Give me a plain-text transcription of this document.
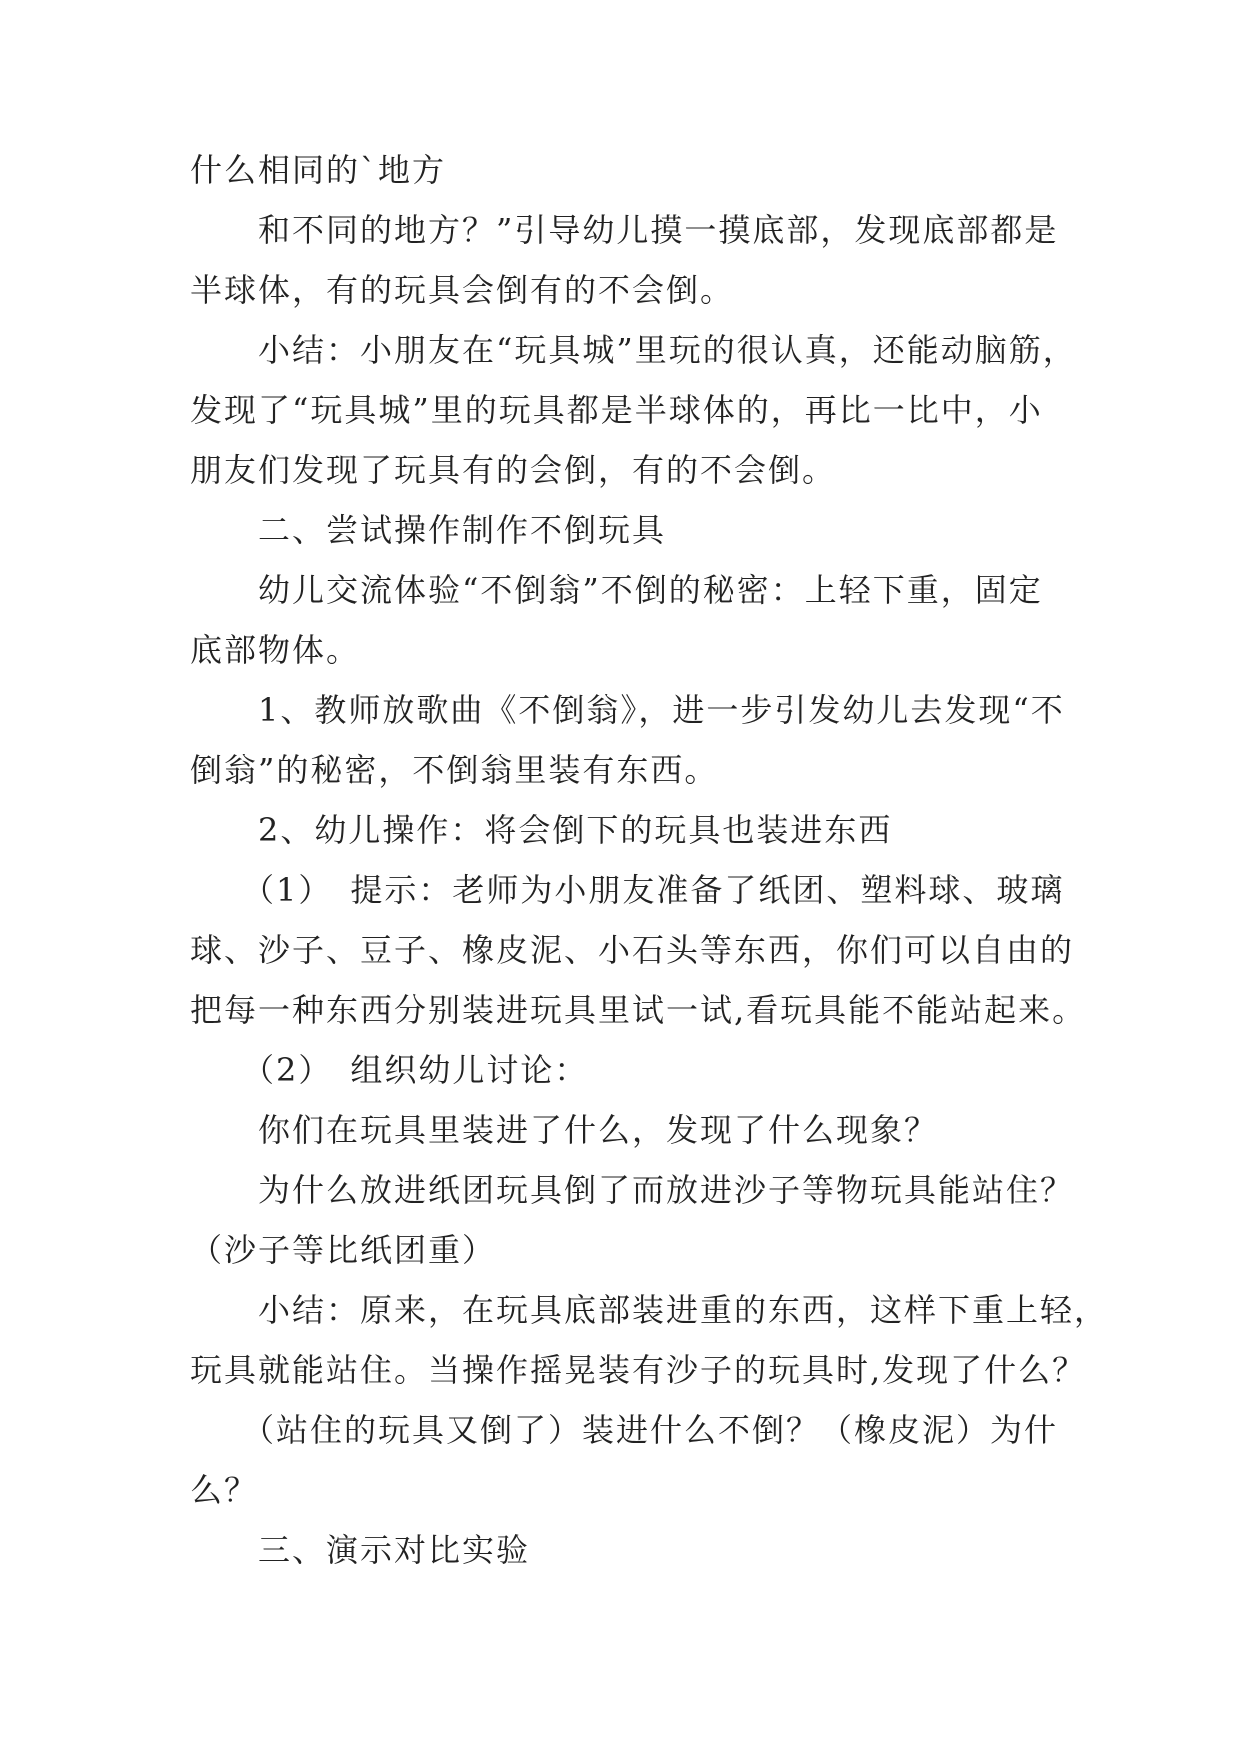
什么相同的`地方
　　和不同的地方？”引导幼儿摸一摸底部，发现底部都是
半球体，有的玩具会倒有的不会倒。
　　小结：小朋友在“玩具城”里玩的很认真，还能动脑筋，
发现了“玩具城”里的玩具都是半球体的，再比一比中，小
朋友们发现了玩具有的会倒，有的不会倒。
　　二、尝试操作制作不倒玩具
　　幼儿交流体验“不倒翁”不倒的秘密：上轻下重，固定
底部物体。
　　1、教师放歌曲《不倒翁》，进一步引发幼儿去发现“不
倒翁”的秘密，不倒翁里装有东西。
　　2、幼儿操作：将会倒下的玩具也装进东西
　　（1）　提示：老师为小朋友准备了纸团、塑料球、玻璃
球、沙子、豆子、橡皮泥、小石头等东西，你们可以自由的
把每一种东西分别装进玩具里试一试,看玩具能不能站起来。
　　（2）　组织幼儿讨论：
　　你们在玩具里装进了什么，发现了什么现象？
　　为什么放进纸团玩具倒了而放进沙子等物玩具能站住？
（沙子等比纸团重）
　　小结：原来，在玩具底部装进重的东西，这样下重上轻，
玩具就能站住。当操作摇晃装有沙子的玩具时,发现了什么？
　　（站住的玩具又倒了）装进什么不倒？（橡皮泥）为什
么？
　　三、演示对比实验
